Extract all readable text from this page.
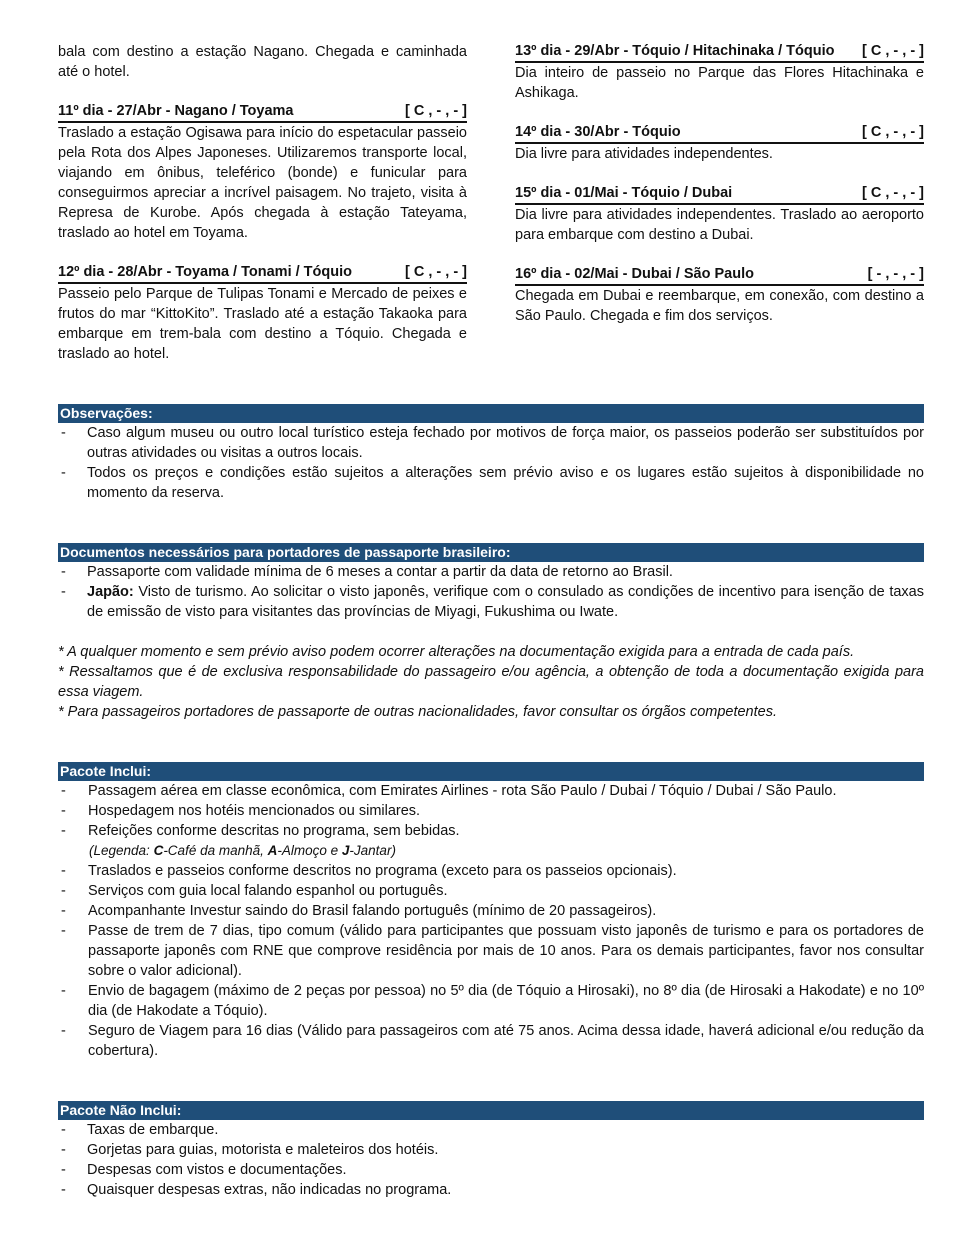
bala com destino a estação Nagano. Chegada e caminhada até o hotel.

11º dia - 27/Abr - Nagano / Toyama	[ C , - , - ]

Traslado a estação Ogisawa para início do espetacular passeio pela Rota dos Alpes Japoneses. Utilizaremos transporte local, viajando em ônibus, teleférico (bonde) e funicular para conseguirmos apreciar a incrível paisagem. No trajeto, visita à Represa de Kurobe. Após chegada à estação Tateyama, traslado ao hotel em Toyama.

12º dia - 28/Abr - Toyama / Tonami / Tóquio	[ C , - , - ]

Passeio pelo Parque de Tulipas Tonami e Mercado de peixes e frutos do mar “KittoKito”. Traslado até a estação Takaoka para embarque em trem-bala com destino a Tóquio. Chegada e traslado ao hotel.

13º dia - 29/Abr - Tóquio / Hitachinaka / Tóquio [ C , - , - ]

Dia inteiro de passeio no Parque das Flores Hitachinaka e Ashikaga.

14º dia - 30/Abr - Tóquio	[ C , - , - ]

Dia livre para atividades independentes.

15º dia - 01/Mai - Tóquio / Dubai	[ C , - , - ]

Dia livre para atividades independentes. Traslado ao aeroporto para embarque com destino a Dubai.

16º dia - 02/Mai - Dubai / São Paulo	[ - , - , - ]

Chegada em Dubai e reembarque, em conexão, com destino a São Paulo. Chegada e fim dos serviços.

Observações:
- Caso algum museu ou outro local turístico esteja fechado por motivos de força maior, os passeios poderão ser substituídos por outras atividades ou visitas a outros locais.
- Todos os preços e condições estão sujeitos a alterações sem prévio aviso e os lugares estão sujeitos à disponibilidade no momento da reserva.
Documentos necessários para portadores de passaporte brasileiro:
- Passaporte com validade mínima de 6 meses a contar a partir da data de retorno ao Brasil.
- Japão: Visto de turismo. Ao solicitar o visto japonês, verifique com o consulado as condições de incentivo para isenção de taxas de emissão de visto para visitantes das províncias de Miyagi, Fukushima ou Iwate.

* A qualquer momento e sem prévio aviso podem ocorrer alterações na documentação exigida para a entrada de cada país.

* Ressaltamos que é de exclusiva responsabilidade do passageiro e/ou agência, a obtenção de toda a documentação exigida para essa viagem.

* Para passageiros portadores de passaporte de outras nacionalidades, favor consultar os órgãos competentes.

Pacote Inclui:
- Passagem aérea em classe econômica, com Emirates Airlines - rota São Paulo / Dubai / Tóquio / Dubai / São Paulo.
- Hospedagem nos hotéis mencionados ou similares.
- Refeições conforme descritas no programa, sem bebidas.
(Legenda: C-Café da manhã, A-Almoço e J-Jantar)
- Traslados e passeios conforme descritos no programa (exceto para os passeios opcionais).
- Serviços com guia local falando espanhol ou português.
- Acompanhante Investur saindo do Brasil falando português (mínimo de 20 passageiros).
- Passe de trem de 7 dias, tipo comum (válido para participantes que possuam visto japonês de turismo e para os portadores de passaporte japonês com RNE que comprove residência por mais de 10 anos. Para os demais participantes, favor nos consultar sobre o valor adicional).
- Envio de bagagem (máximo de 2 peças por pessoa) no 5º dia (de Tóquio a Hirosaki), no 8º dia (de Hirosaki a Hakodate) e no 10º dia (de Hakodate a Tóquio).
- Seguro de Viagem para 16 dias (Válido para passageiros com até 75 anos. Acima dessa idade, haverá adicional e/ou redução da cobertura).
Pacote Não Inclui:
- Taxas de embarque.
- Gorjetas para guias, motorista e maleteiros dos hotéis.
- Despesas com vistos e documentações.
- Quaisquer despesas extras, não indicadas no programa.
